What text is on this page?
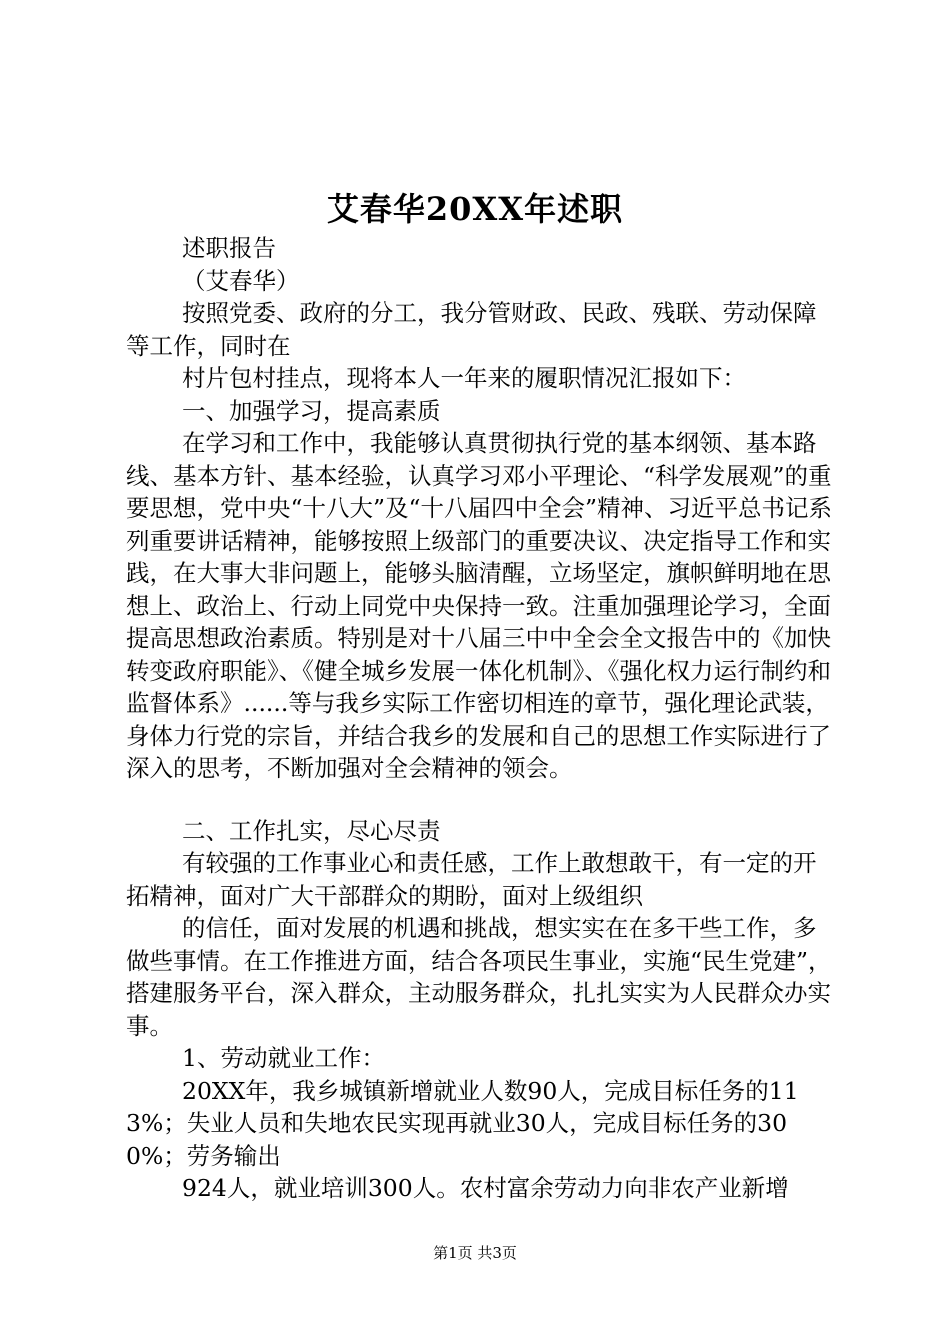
艾春华20XX年述职

述职报告

（艾春华）

按照党委、政府的分工，我分管财政、民政、残联、劳动保障等工作，同时在

村片包村挂点，现将本人一年来的履职情况汇报如下：

一、加强学习，提高素质

在学习和工作中，我能够认真贯彻执行党的基本纲领、基本路线、基本方针、基本经验，认真学习邓小平理论、“科学发展观”的重要思想，党中央“十八大”及“十八届四中全会”精神、习近平总书记系列重要讲话精神，能够按照上级部门的重要决议、决定指导工作和实践，在大事大非问题上，能够头脑清醒，立场坚定，旗帜鲜明地在思想上、政治上、行动上同党中央保持一致。注重加强理论学习，全面提高思想政治素质。特别是对十八届三中中全会全文报告中的《加快转变政府职能》、《健全城乡发展一体化机制》、《强化权力运行制约和监督体系》......等与我乡实际工作密切相连的章节，强化理论武装，身体力行党的宗旨，并结合我乡的发展和自己的思想工作实际进行了深入的思考，不断加强对全会精神的领会。

二、工作扎实，尽心尽责

有较强的工作事业心和责任感，工作上敢想敢干，有一定的开拓精神，面对广大干部群众的期盼，面对上级组织

的信任，面对发展的机遇和挑战，想实实在在多干些工作，多做些事情。在工作推进方面，结合各项民生事业，实施“民生党建”，搭建服务平台，深入群众，主动服务群众，扎扎实实为人民群众办实事。

1、劳动就业工作：

20XX年，我乡城镇新增就业人数90人，完成目标任务的113%；失业人员和失地农民实现再就业30人，完成目标任务的300%；劳务输出

924人，就业培训300人。农村富余劳动力向非农产业新增

第1页 共3页
